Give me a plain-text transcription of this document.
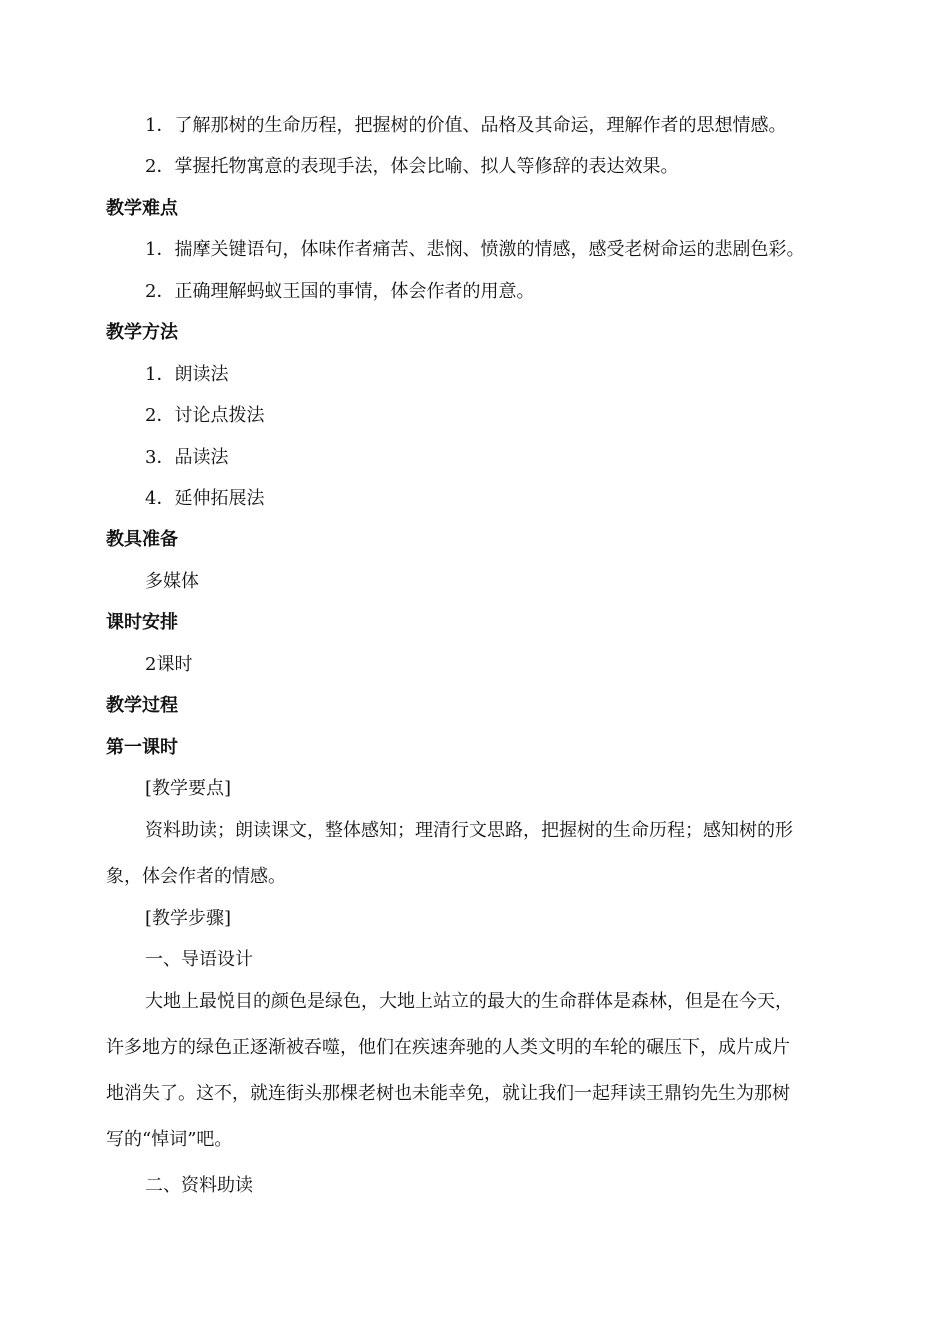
1．了解那树的生命历程，把握树的价值、品格及其命运，理解作者的思想情感。
2．掌握托物寓意的表现手法，体会比喻、拟人等修辞的表达效果。
教学难点
1．揣摩关键语句，体味作者痛苦、悲悯、愤激的情感，感受老树命运的悲剧色彩。
2．正确理解蚂蚁王国的事情，体会作者的用意。
教学方法
1．朗读法
2．讨论点拨法
3．品读法
4．延伸拓展法
教具准备
多媒体
课时安排
2课时
教学过程
第一课时
[教学要点]
资料助读；朗读课文，整体感知；理清行文思路，把握树的生命历程；感知树的形
象，体会作者的情感。
[教学步骤]
一、导语设计
大地上最悦目的颜色是绿色，大地上站立的最大的生命群体是森林，但是在今天，
许多地方的绿色正逐渐被吞噬，他们在疾速奔驰的人类文明的车轮的碾压下，成片成片
地消失了。这不，就连街头那棵老树也未能幸免，就让我们一起拜读王鼎钧先生为那树
写的“悼词”吧。
二、资料助读
